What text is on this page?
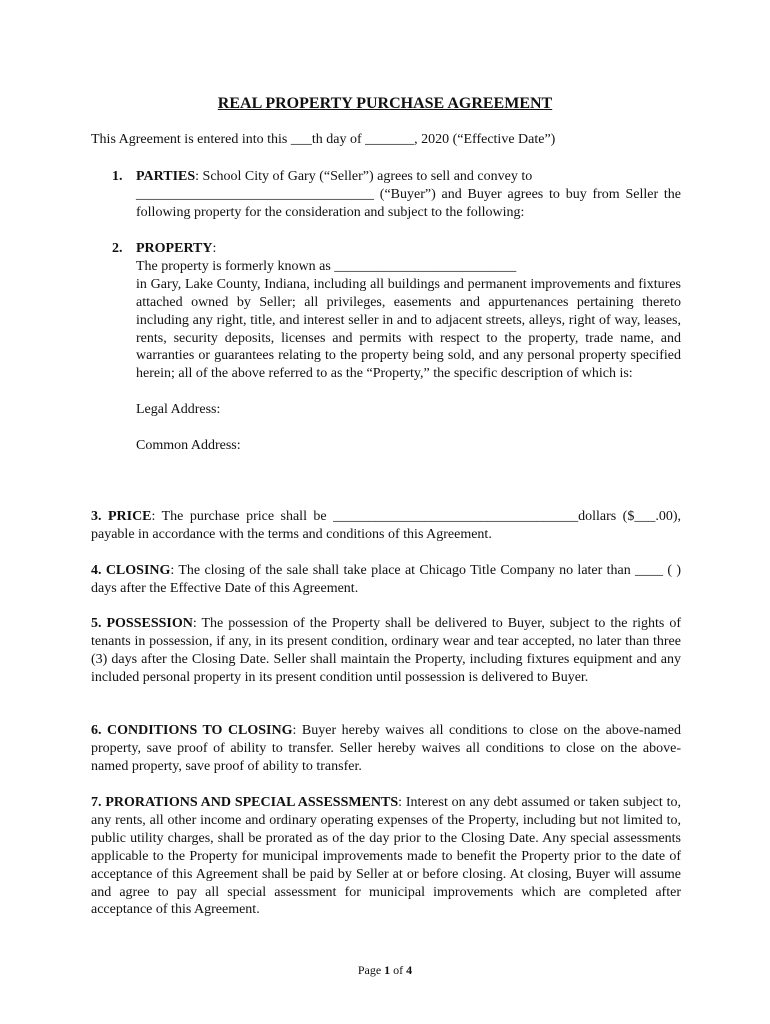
REAL PROPERTY PURCHASE AGREEMENT
This Agreement is entered into this ___th day of _______, 2020 (“Effective Date”)
1. PARTIES: School City of Gary (“Seller”) agrees to sell and convey to
__________________________________ (“Buyer”) and Buyer agrees to buy from Seller the
following property for the consideration and subject to the following:
2. PROPERTY:
The property is formerly known as __________________________
in Gary, Lake County, Indiana, including all buildings and permanent improvements and fixtures attached owned by Seller; all privileges, easements and appurtenances pertaining thereto including any right, title, and interest seller in and to adjacent streets, alleys, right of way, leases, rents, security deposits, licenses and permits with respect to the property, trade name, and warranties or guarantees relating to the property being sold, and any personal property specified herein; all of the above referred to as the “Property,” the specific description of which is:
Legal Address:
Common Address:
3. PRICE: The purchase price shall be ___________________________________dollars ($___.00), payable in accordance with the terms and conditions of this Agreement.
4. CLOSING: The closing of the sale shall take place at Chicago Title Company no later than ____ ( ) days after the Effective Date of this Agreement.
5. POSSESSION: The possession of the Property shall be delivered to Buyer, subject to the rights of tenants in possession, if any, in its present condition, ordinary wear and tear accepted, no later than three (3) days after the Closing Date. Seller shall maintain the Property, including fixtures equipment and any included personal property in its present condition until possession is delivered to Buyer.
6. CONDITIONS TO CLOSING: Buyer hereby waives all conditions to close on the above-named property, save proof of ability to transfer. Seller hereby waives all conditions to close on the above-named property, save proof of ability to transfer.
7. PRORATIONS AND SPECIAL ASSESSMENTS: Interest on any debt assumed or taken subject to, any rents, all other income and ordinary operating expenses of the Property, including but not limited to, public utility charges, shall be prorated as of the day prior to the Closing Date. Any special assessments applicable to the Property for municipal improvements made to benefit the Property prior to the date of acceptance of this Agreement shall be paid by Seller at or before closing. At closing, Buyer will assume and agree to pay all special assessment for municipal improvements which are completed after acceptance of this Agreement.
Page 1 of 4
